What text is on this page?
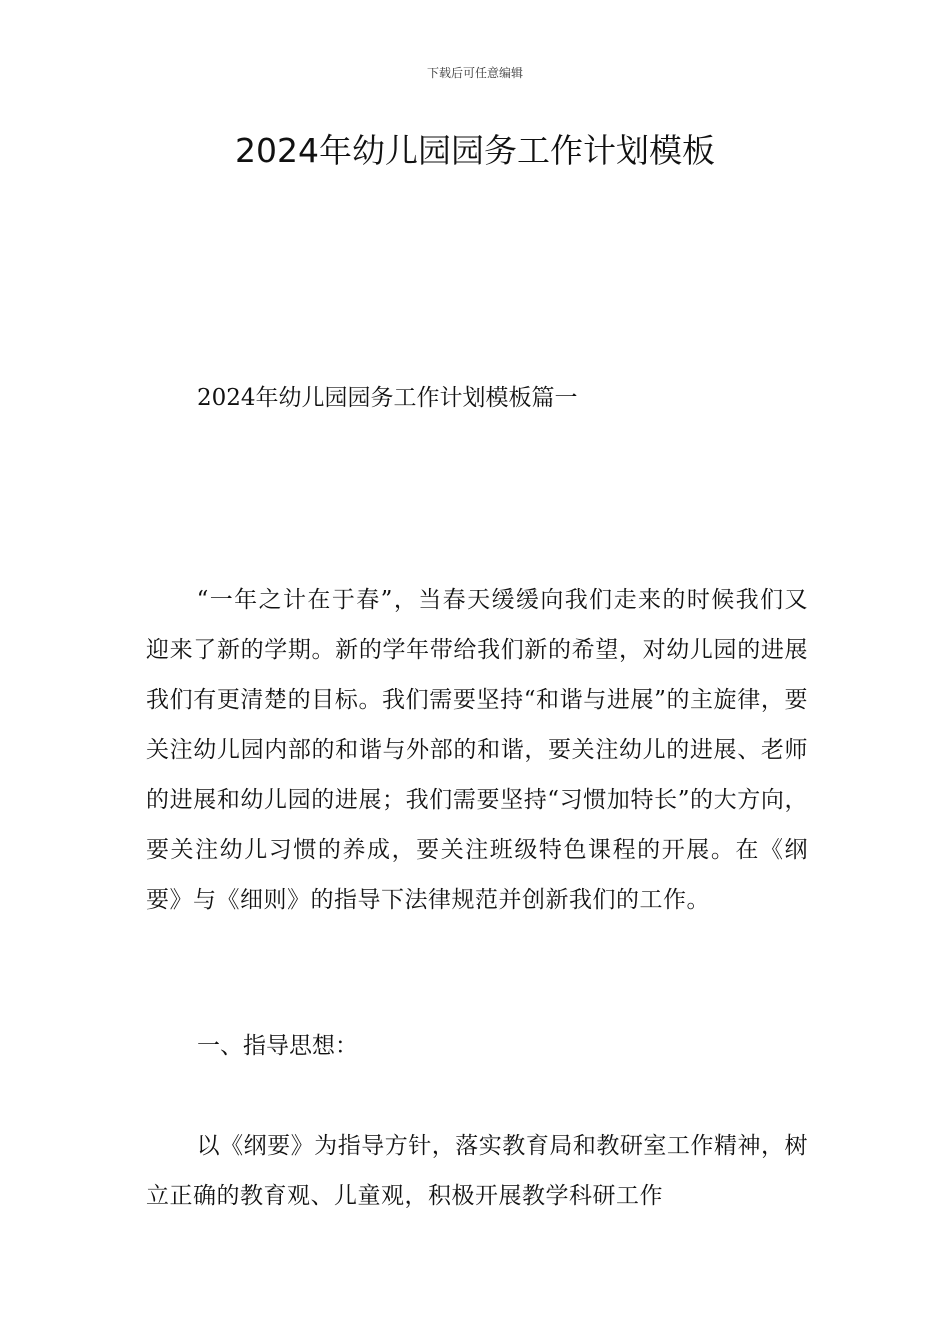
下载后可任意编辑
2024年幼儿园园务工作计划模板
2024年幼儿园园务工作计划模板篇一

“一年之计在于春”，当春天缓缓向我们走来的时候我们又迎来了新的学期。新的学年带给我们新的希望，对幼儿园的进展我们有更清楚的目标。我们需要坚持“和谐与进展”的主旋律，要关注幼儿园内部的和谐与外部的和谐，要关注幼儿的进展、老师的进展和幼儿园的进展；我们需要坚持“习惯加特长”的大方向，要关注幼儿习惯的养成，要关注班级特色课程的开展。在《纲要》与《细则》的指导下法律规范并创新我们的工作。

一、指导思想：

以《纲要》为指导方针，落实教育局和教研室工作精神，树立正确的教育观、儿童观，积极开展教学科研工作
